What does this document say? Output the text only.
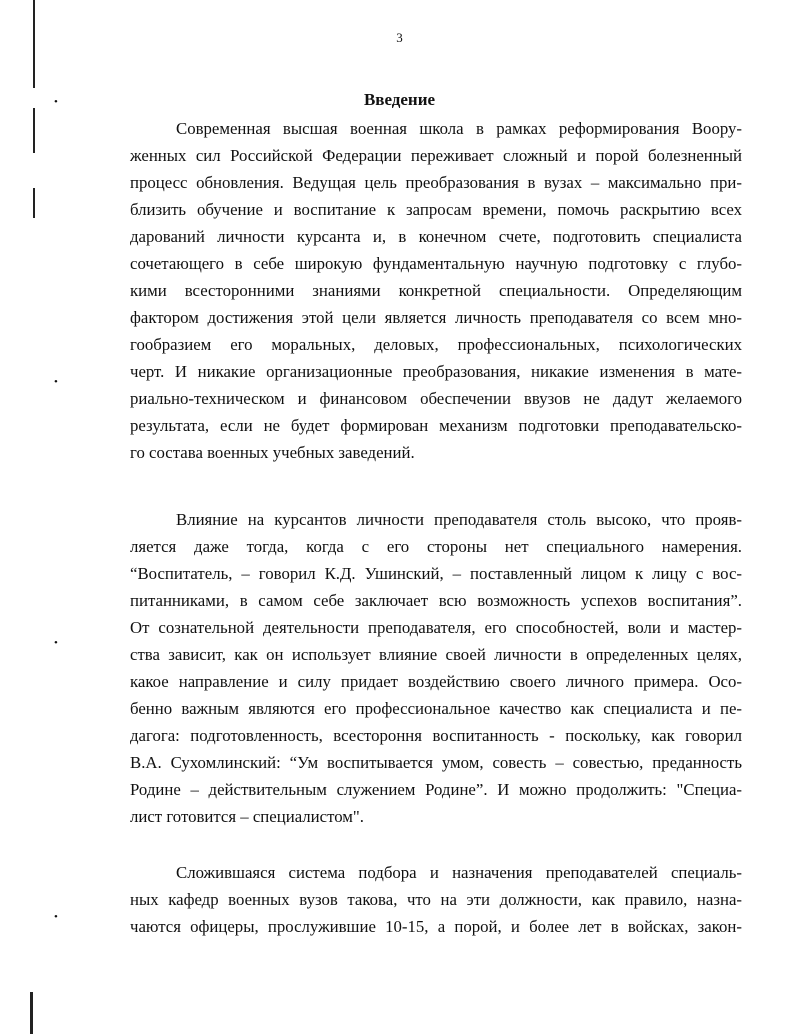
•
•
•
•
3
Введение
Современная высшая военная школа в рамках реформирования Воору-
женных сил Российской Федерации переживает сложный и порой болезненный
процесс обновления. Ведущая цель преобразования в вузах – максимально при-
близить обучение и воспитание к запросам времени, помочь раскрытию всех
дарований личности курсанта и, в конечном счете, подготовить специалиста
сочетающего в себе широкую фундаментальную научную подготовку с глубо-
кими всесторонними знаниями конкретной специальности. Определяющим
фактором достижения этой цели является личность преподавателя со всем мно-
гообразием его моральных, деловых, профессиональных, психологических
черт. И никакие организационные преобразования, никакие изменения в мате-
риально-техническом и финансовом обеспечении ввузов не дадут желаемого
результата, если не будет формирован механизм подготовки преподавательско-
го состава военных учебных заведений.
Влияние на курсантов личности преподавателя столь высоко, что прояв-
ляется даже тогда, когда с его стороны нет специального намерения.
“Воспитатель, – говорил К.Д. Ушинский, – поставленный лицом к лицу с вос-
питанниками, в самом себе заключает всю возможность успехов воспитания”.
От сознательной деятельности преподавателя, его способностей, воли и мастер-
ства зависит, как он использует влияние своей личности в определенных целях,
какое направление и силу придает воздействию своего личного примера. Осо-
бенно важным являются его профессиональное качество как специалиста и пе-
дагога: подготовленность, всестороння воспитанность - поскольку, как говорил
В.А. Сухомлинский: “Ум воспитывается умом, совесть – совестью, преданность
Родине – действительным служением Родине”. И можно продолжить: "Специа-
лист готовится – специалистом".
Сложившаяся система подбора и назначения преподавателей специаль-
ных кафедр военных вузов такова, что на эти должности, как правило, назна-
чаются офицеры, прослужившие 10-15, а порой, и более лет в войсках, закон-
